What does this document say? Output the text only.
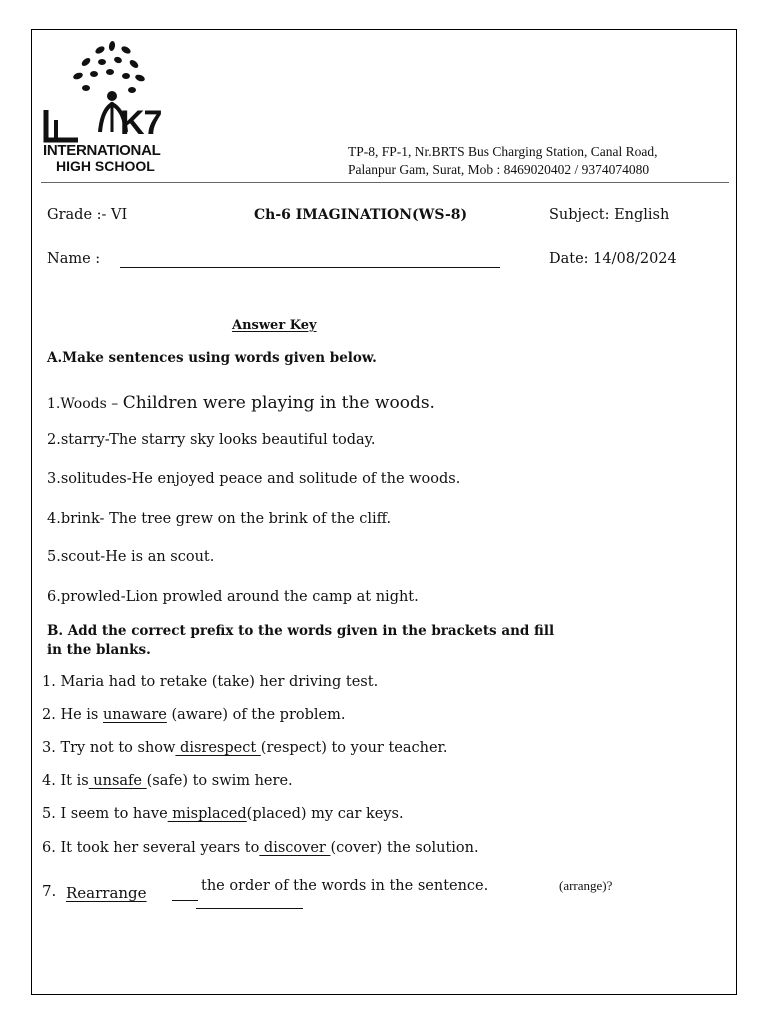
K7
INTERNATIONAL
HIGH SCHOOL
TP-8, FP-1, Nr.BRTS Bus Charging Station, Canal Road,
Palanpur Gam, Surat, Mob : 8469020402 / 9374074080
Grade :- VI	Ch-6 IMAGINATION(WS-8)	Subject: English
Name :	Date: 14/08/2024
Answer Key
A.Make sentences using words given below.
1.Woods – Children were playing in the woods.
2.starry-The starry sky looks beautiful today.
3.solitudes-He enjoyed peace and solitude of the woods.
4.brink- The tree grew on the brink of the cliff.
5.scout-He is an scout.
6.prowled-Lion prowled around the camp at night.
B. Add the correct prefix to the words given in the brackets and fill
in the blanks.
1. Maria had to retake (take) her driving test.
2. He is unaware (aware) of the problem.
3. Try not to show disrespect (respect) to your teacher.
4. It is unsafe (safe) to swim here.
5. I seem to have misplaced(placed) my car keys.
6. It took her several years to discover (cover) the solution.
7. Rearrange	the order of the words in the sentence.	(arrange)?
